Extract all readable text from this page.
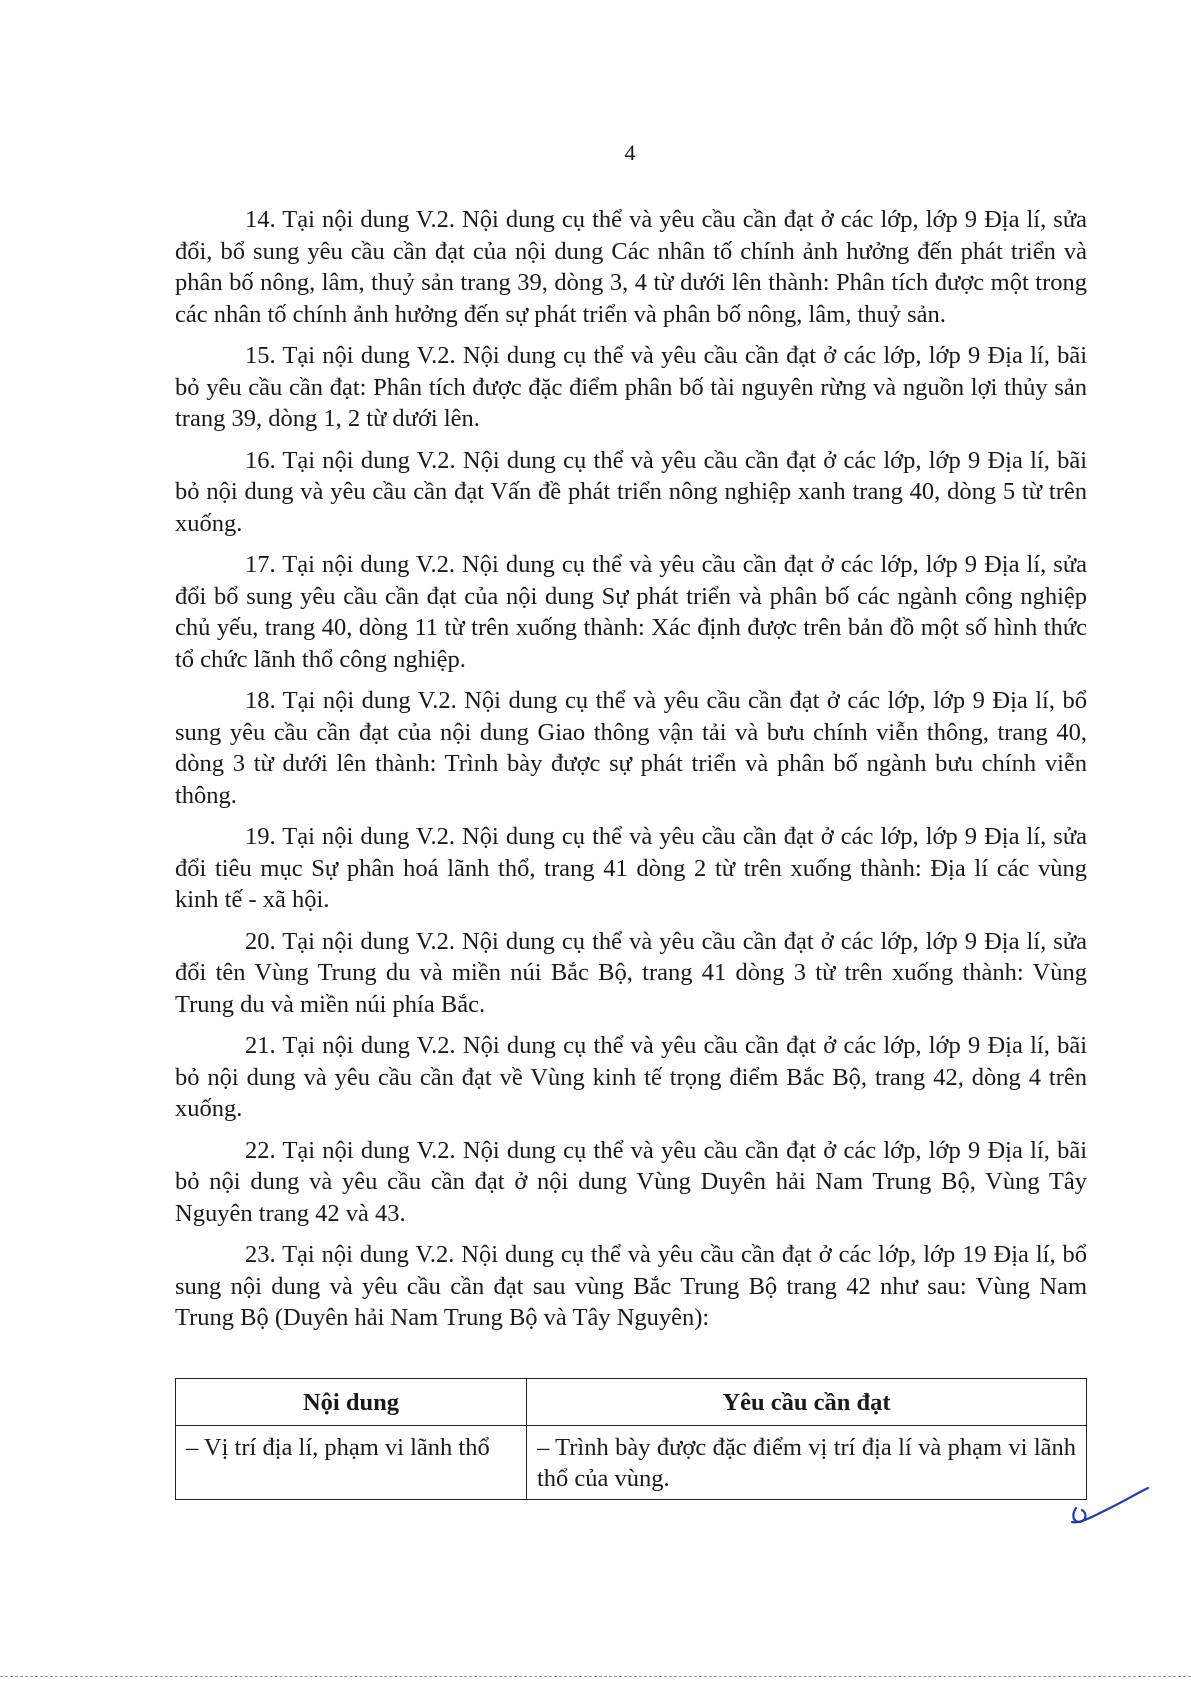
4

14. Tại nội dung V.2. Nội dung cụ thể và yêu cầu cần đạt ở các lớp, lớp 9 Địa lí, sửa đổi, bổ sung yêu cầu cần đạt của nội dung Các nhân tố chính ảnh hưởng đến phát triển và phân bố nông, lâm, thuỷ sản trang 39, dòng 3, 4 từ dưới lên thành: Phân tích được một trong các nhân tố chính ảnh hưởng đến sự phát triển và phân bố nông, lâm, thuỷ sản.

15. Tại nội dung V.2. Nội dung cụ thể và yêu cầu cần đạt ở các lớp, lớp 9 Địa lí, bãi bỏ yêu cầu cần đạt: Phân tích được đặc điểm phân bố tài nguyên rừng và nguồn lợi thủy sản trang 39, dòng 1, 2 từ dưới lên.

16. Tại nội dung V.2. Nội dung cụ thể và yêu cầu cần đạt ở các lớp, lớp 9 Địa lí, bãi bỏ nội dung và yêu cầu cần đạt Vấn đề phát triển nông nghiệp xanh trang 40, dòng 5 từ trên xuống.

17. Tại nội dung V.2. Nội dung cụ thể và yêu cầu cần đạt ở các lớp, lớp 9 Địa lí, sửa đổi bổ sung yêu cầu cần đạt của nội dung Sự phát triển và phân bố các ngành công nghiệp chủ yếu, trang 40, dòng 11 từ trên xuống thành: Xác định được trên bản đồ một số hình thức tổ chức lãnh thổ công nghiệp.

18. Tại nội dung V.2. Nội dung cụ thể và yêu cầu cần đạt ở các lớp, lớp 9 Địa lí, bổ sung yêu cầu cần đạt của nội dung Giao thông vận tải và bưu chính viễn thông, trang 40, dòng 3 từ dưới lên thành: Trình bày được sự phát triển và phân bố ngành bưu chính viễn thông.

19. Tại nội dung V.2. Nội dung cụ thể và yêu cầu cần đạt ở các lớp, lớp 9 Địa lí, sửa đổi tiêu mục Sự phân hoá lãnh thổ, trang 41 dòng 2 từ trên xuống thành: Địa lí các vùng kinh tế - xã hội.

20. Tại nội dung V.2. Nội dung cụ thể và yêu cầu cần đạt ở các lớp, lớp 9 Địa lí, sửa đổi tên Vùng Trung du và miền núi Bắc Bộ, trang 41 dòng 3 từ trên xuống thành: Vùng Trung du và miền núi phía Bắc.

21. Tại nội dung V.2. Nội dung cụ thể và yêu cầu cần đạt ở các lớp, lớp 9 Địa lí, bãi bỏ nội dung và yêu cầu cần đạt về Vùng kinh tế trọng điểm Bắc Bộ, trang 42, dòng 4 trên xuống.

22. Tại nội dung V.2. Nội dung cụ thể và yêu cầu cần đạt ở các lớp, lớp 9 Địa lí, bãi bỏ nội dung và yêu cầu cần đạt ở nội dung Vùng Duyên hải Nam Trung Bộ, Vùng Tây Nguyên trang 42 và 43.

23. Tại nội dung V.2. Nội dung cụ thể và yêu cầu cần đạt ở các lớp, lớp 19 Địa lí, bổ sung nội dung và yêu cầu cần đạt sau vùng Bắc Trung Bộ trang 42 như sau: Vùng Nam Trung Bộ (Duyên hải Nam Trung Bộ và Tây Nguyên):

Nội dung	Yêu cầu cần đạt
– Vị trí địa lí, phạm vi lãnh thổ	– Trình bày được đặc điểm vị trí địa lí và phạm vi lãnh thổ của vùng.
